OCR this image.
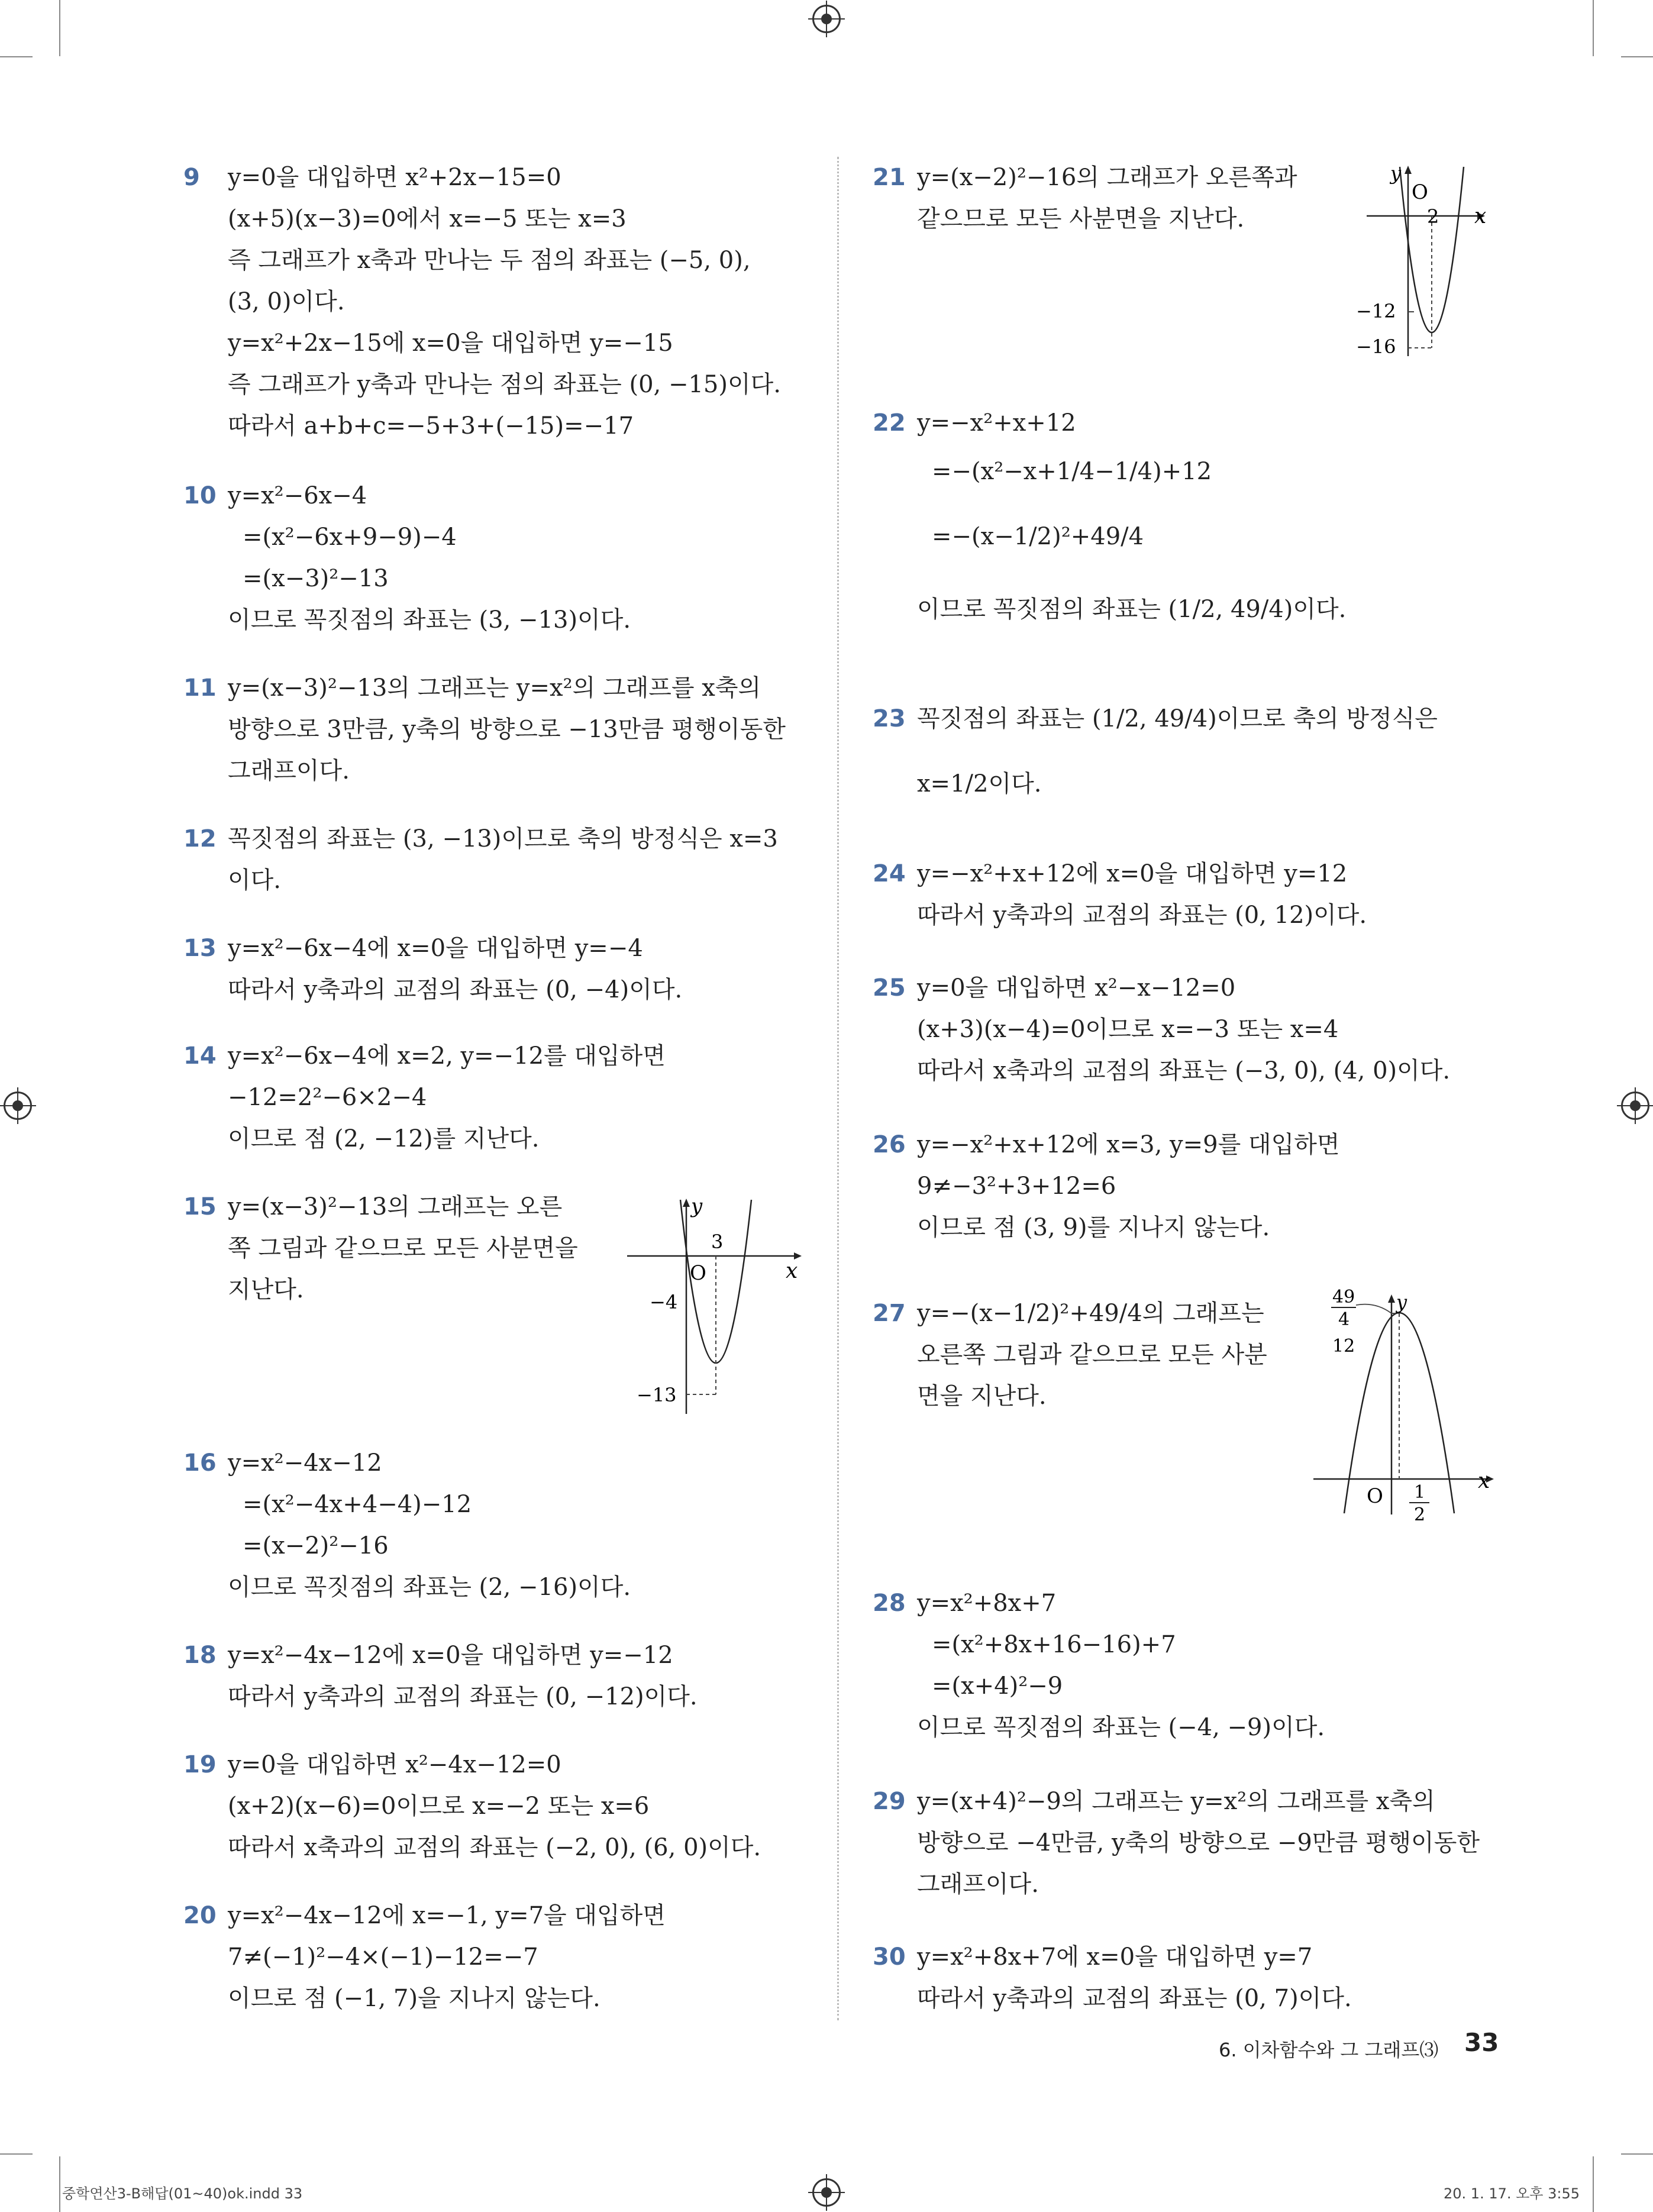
9	y=0을 대입하면 x²+2x−15=0
(x+5)(x−3)=0에서 x=−5 또는 x=3
즉 그래프가 x축과 만나는 두 점의 좌표는 (−5, 0),
(3, 0)이다.
y=x²+2x−15에 x=0을 대입하면 y=−15
즉 그래프가 y축과 만나는 점의 좌표는 (0, −15)이다.
따라서 a+b+c=−5+3+(−15)=−17
10 y=x²−6x−4
=(x²−6x+9−9)−4
=(x−3)²−13
이므로 꼭짓점의 좌표는 (3, −13)이다.
11 y=(x−3)²−13의 그래프는 y=x²의 그래프를 x축의
방향으로 3만큼, y축의 방향으로 −13만큼 평행이동한
그래프이다.
12 꼭짓점의 좌표는 (3, −13)이므로 축의 방정식은 x=3
이다.
13 y=x²−6x−4에 x=0을 대입하면 y=−4
따라서 y축과의 교점의 좌표는 (0, −4)이다.
14 y=x²−6x−4에 x=2, y=−12를 대입하면
−12=2²−6×2−4
이므로 점 (2, −12)를 지난다.
15 y=(x−3)²−13의 그래프는 오른
쪽 그림과 같으므로 모든 사분면을
지난다.
y
x
O
3
−4
−13
16 y=x²−4x−12
=(x²−4x+4−4)−12
=(x−2)²−16
이므로 꼭짓점의 좌표는 (2, −16)이다.
18 y=x²−4x−12에 x=0을 대입하면 y=−12
따라서 y축과의 교점의 좌표는 (0, −12)이다.
19 y=0을 대입하면 x²−4x−12=0
(x+2)(x−6)=0이므로 x=−2 또는 x=6
따라서 x축과의 교점의 좌표는 (−2, 0), (6, 0)이다.
20 y=x²−4x−12에 x=−1, y=7을 대입하면
7≠(−1)²−4×(−1)−12=−7
이므로 점 (−1, 7)을 지나지 않는다.
21 y=(x−2)²−16의 그래프가 오른쪽과
같으므로 모든 사분면을 지난다.
y
x
O
2
−12
−16
22 y=−x²+x+12
=−(x²−x+1/4−1/4)+12
=−(x−1/2)²+49/4
이므로 꼭짓점의 좌표는 (1/2, 49/4)이다.
23 꼭짓점의 좌표는 (1/2, 49/4)이므로 축의 방정식은
x=1/2이다.
24 y=−x²+x+12에 x=0을 대입하면 y=12
따라서 y축과의 교점의 좌표는 (0, 12)이다.
25 y=0을 대입하면 x²−x−12=0
(x+3)(x−4)=0이므로 x=−3 또는 x=4
따라서 x축과의 교점의 좌표는 (−3, 0), (4, 0)이다.
26 y=−x²+x+12에 x=3, y=9를 대입하면
9≠−3²+3+12=6
이므로 점 (3, 9)를 지나지 않는다.
27 y=−(x−1/2)²+49/4의 그래프는
오른쪽 그림과 같으므로 모든 사분
면을 지난다.
y
x
O 1
2
49
4
12
28 y=x²+8x+7
=(x²+8x+16−16)+7
=(x+4)²−9
이므로 꼭짓점의 좌표는 (−4, −9)이다.
29 y=(x+4)²−9의 그래프는 y=x²의 그래프를 x축의
방향으로 −4만큼, y축의 방향으로 −9만큼 평행이동한
그래프이다.
30 y=x²+8x+7에 x=0을 대입하면 y=7
따라서 y축과의 교점의 좌표는 (0, 7)이다.
6. 이차함수와 그 그래프⑶ 33
중학연산3-B해답(01~40)ok.indd 33	20. 1. 17. 오후 3:55
